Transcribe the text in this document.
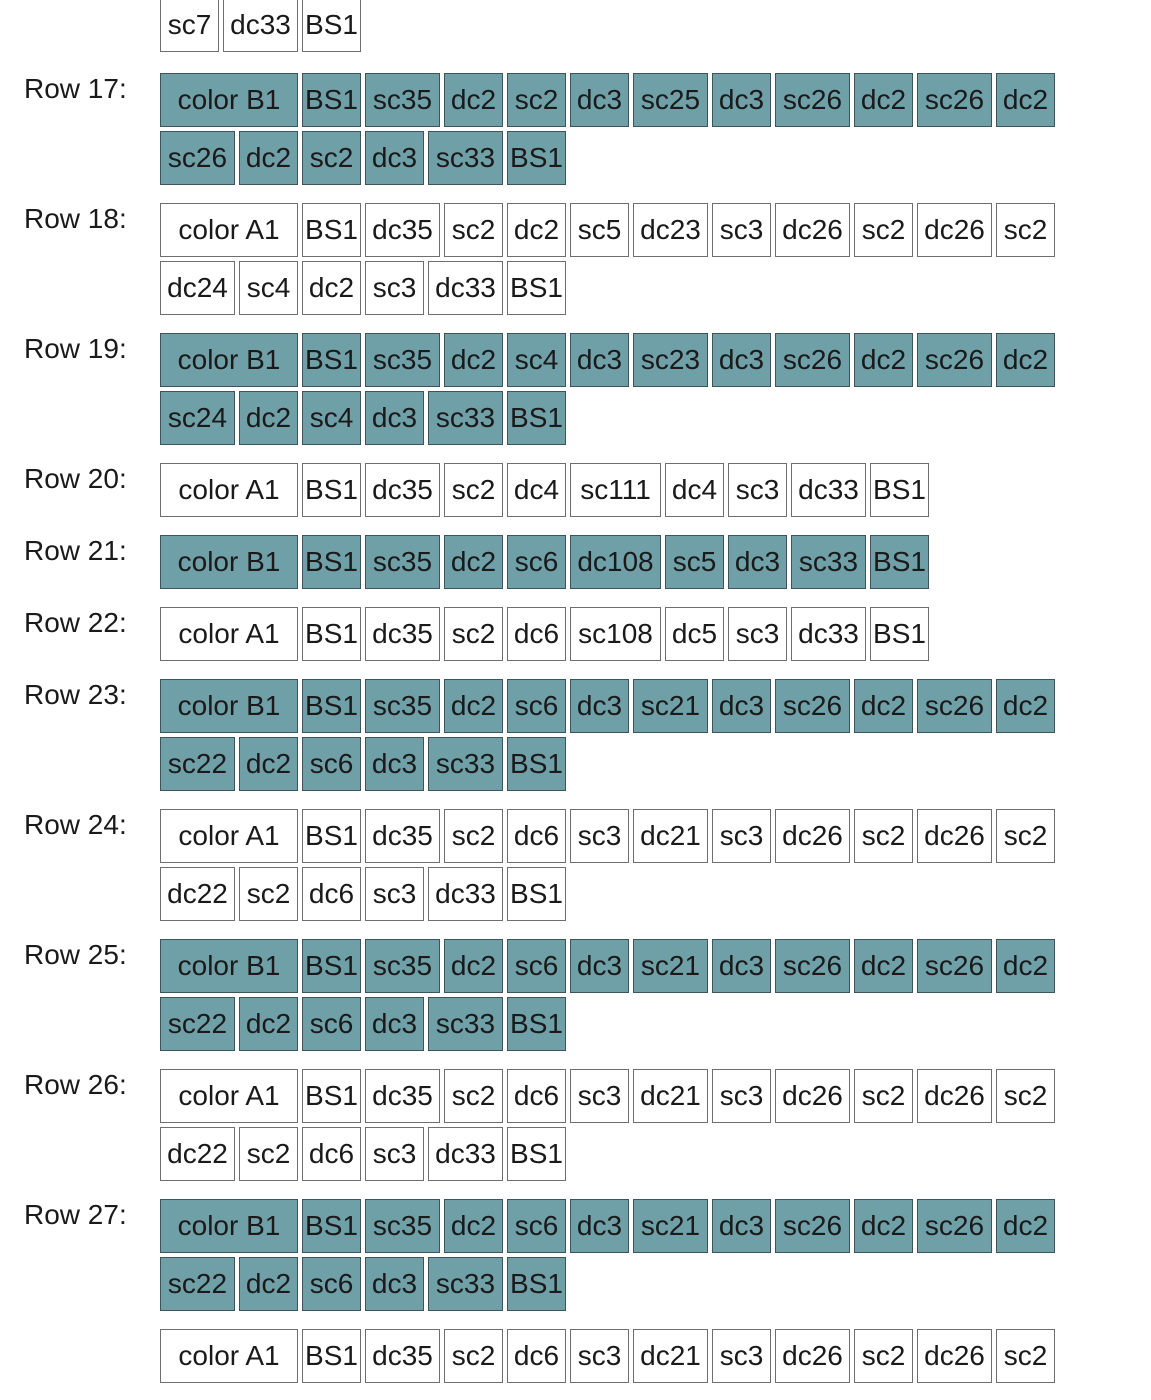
sc7 dc33 BS1
Row 17:	color B1 BS1 sc35 dc2 sc2 dc3 sc25 dc3 sc26 dc2 sc26 dc2
sc26 dc2 sc2 dc3 sc33 BS1
Row 18:	color A1 BS1 dc35 sc2 dc2 sc5 dc23 sc3 dc26 sc2 dc26 sc2
dc24 sc4 dc2 sc3 dc33 BS1
Row 19:	color B1 BS1 sc35 dc2 sc4 dc3 sc23 dc3 sc26 dc2 sc26 dc2
sc24 dc2 sc4 dc3 sc33 BS1
Row 20:	color A1 BS1 dc35 sc2 dc4 sc111 dc4 sc3 dc33 BS1
Row 21:	color B1 BS1 sc35 dc2 sc6 dc108 sc5 dc3 sc33 BS1
Row 22:	color A1 BS1 dc35 sc2 dc6 sc108 dc5 sc3 dc33 BS1
Row 23:	color B1 BS1 sc35 dc2 sc6 dc3 sc21 dc3 sc26 dc2 sc26 dc2
sc22 dc2 sc6 dc3 sc33 BS1
Row 24:	color A1 BS1 dc35 sc2 dc6 sc3 dc21 sc3 dc26 sc2 dc26 sc2
dc22 sc2 dc6 sc3 dc33 BS1
Row 25:	color B1 BS1 sc35 dc2 sc6 dc3 sc21 dc3 sc26 dc2 sc26 dc2
sc22 dc2 sc6 dc3 sc33 BS1
Row 26:	color A1 BS1 dc35 sc2 dc6 sc3 dc21 sc3 dc26 sc2 dc26 sc2
dc22 sc2 dc6 sc3 dc33 BS1
Row 27:	color B1 BS1 sc35 dc2 sc6 dc3 sc21 dc3 sc26 dc2 sc26 dc2
sc22 dc2 sc6 dc3 sc33 BS1
color A1 BS1 dc35 sc2 dc6 sc3 dc21 sc3 dc26 sc2 dc26 sc2
